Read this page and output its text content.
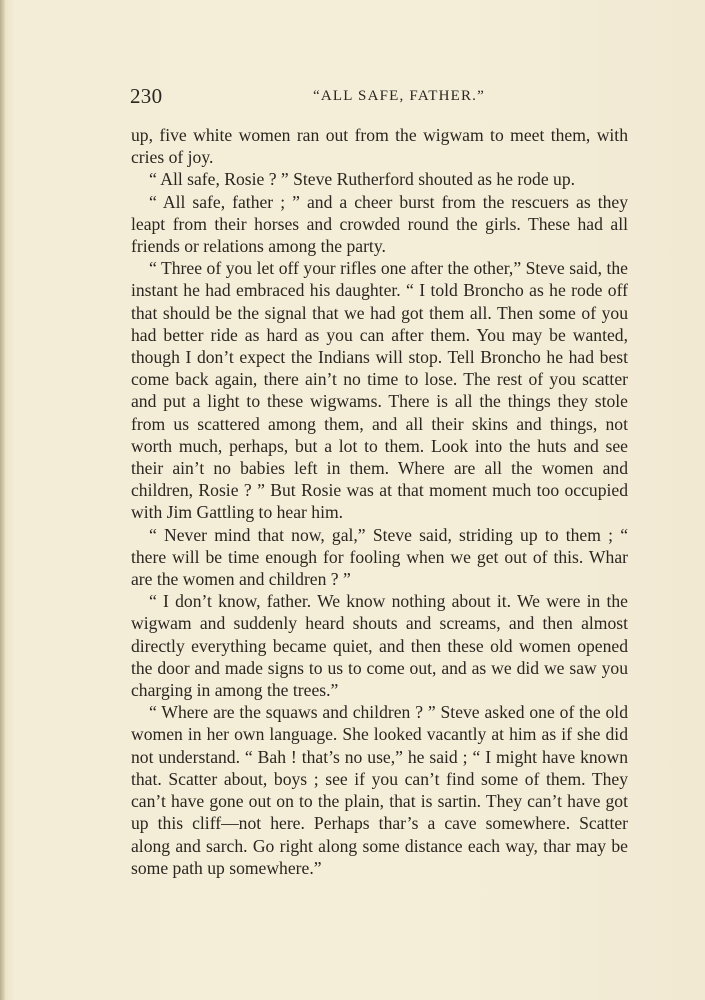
230	“ALL SAFE, FATHER.”

up, five white women ran out from the wigwam to meet them, with cries of joy.

“ All safe, Rosie ? ” Steve Rutherford shouted as he rode up.

“ All safe, father ; ” and a cheer burst from the rescuers as they leapt from their horses and crowded round the girls. These had all friends or relations among the party.

“ Three of you let off your rifles one after the other,” Steve said, the instant he had embraced his daughter. “ I told Broncho as he rode off that should be the signal that we had got them all. Then some of you had better ride as hard as you can after them. You may be wanted, though I don’t expect the Indians will stop. Tell Broncho he had best come back again, there ain’t no time to lose. The rest of you scatter and put a light to these wigwams. There is all the things they stole from us scattered among them, and all their skins and things, not worth much, perhaps, but a lot to them. Look into the huts and see their ain’t no babies left in them. Where are all the women and children, Rosie ? ” But Rosie was at that moment much too occupied with Jim Gattling to hear him.

“ Never mind that now, gal,” Steve said, striding up to them ; “ there will be time enough for fooling when we get out of this. Whar are the women and children ? ”

“ I don’t know, father. We know nothing about it. We were in the wigwam and suddenly heard shouts and screams, and then almost directly everything became quiet, and then these old women opened the door and made signs to us to come out, and as we did we saw you charging in among the trees.”

“ Where are the squaws and children ? ” Steve asked one of the old women in her own language. She looked vacantly at him as if she did not understand. “ Bah ! that’s no use,” he said ; “ I might have known that. Scatter about, boys ; see if you can’t find some of them. They can’t have gone out on to the plain, that is sartin. They can’t have got up this cliff—not here. Perhaps thar’s a cave somewhere. Scatter along and sarch. Go right along some distance each way, thar may be some path up somewhere.”
